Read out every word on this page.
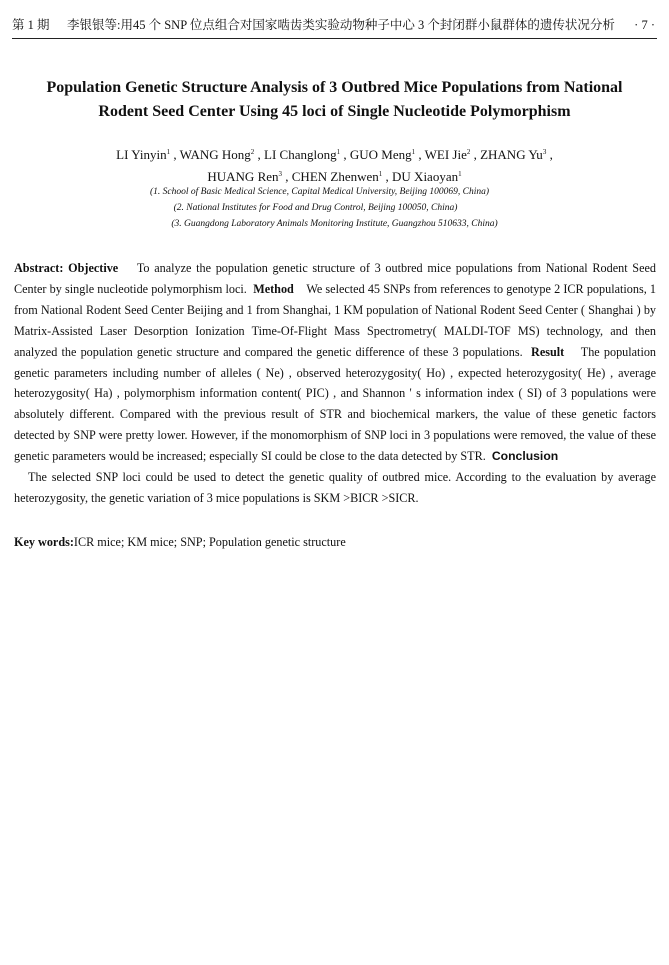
第 1 期 李银银等:用45 个 SNP 位点组合对国家啮齿类实验动物种子中心 3 个封闭群小鼠群体的遗传状况分析 · 7 ·
Population Genetic Structure Analysis of 3 Outbred Mice Populations from National
Rodent Seed Center Using 45 loci of Single Nucleotide Polymorphism
LI Yinyin$^1$ , WANG Hong$^2$ , LI Changlong$^1$ , GUO Meng$^1$ , WEI Jie$^2$ , ZHANG Yu$^3$ ,
HUANG Ren$^3$ , CHEN Zhenwen$^1$ , DU Xiaoyan$^1$
(1. School of Basic Medical Science, Capital Medical University, Beijing 100069, China)
(2. National Institutes for Food and Drug Control, Beijing 100050, China)
(3. Guangdong Laboratory Animals Monitoring Institute, Guangzhou 510633, China)

Abstract: Objective To analyze the population genetic structure of 3 outbred mice populations from National Rodent Seed Center by single nucleotide polymorphism loci. Method We selected 45 SNPs from references to genotype 2 ICR populations, 1 from National Rodent Seed Center Beijing and 1 from Shanghai, 1 KM population of National Rodent Seed Center ( Shanghai ) by Matrix-Assisted Laser Desorption Ionization Time-Of-Flight Mass Spectrometry( MALDI-TOF MS) technology, and then analyzed the population genetic structure and compared the genetic difference of these 3 populations. Result The population genetic parameters including number of alleles ( Ne) , observed heterozygosity( Ho) , expected heterozygosity( He) , average heterozygosity( Ha) , polymorphism information content( PIC) , and Shannon ' s information index ( SI) of 3 populations were absolutely different. Compared with the previous result of STR and biochemical markers, the value of these genetic factors detected by SNP were pretty lower. However, if the monomorphism of SNP loci in 3 populations were removed, the value of these genetic parameters would be increased; especially SI could be close to the data detected by STR. Conclusion

The selected SNP loci could be used to detect the genetic quality of outbred mice. According to the evaluation by average heterozygosity, the genetic variation of 3 mice populations is SKM >BICR >SICR.

Key words:ICR mice; KM mice; SNP; Population genetic structure
